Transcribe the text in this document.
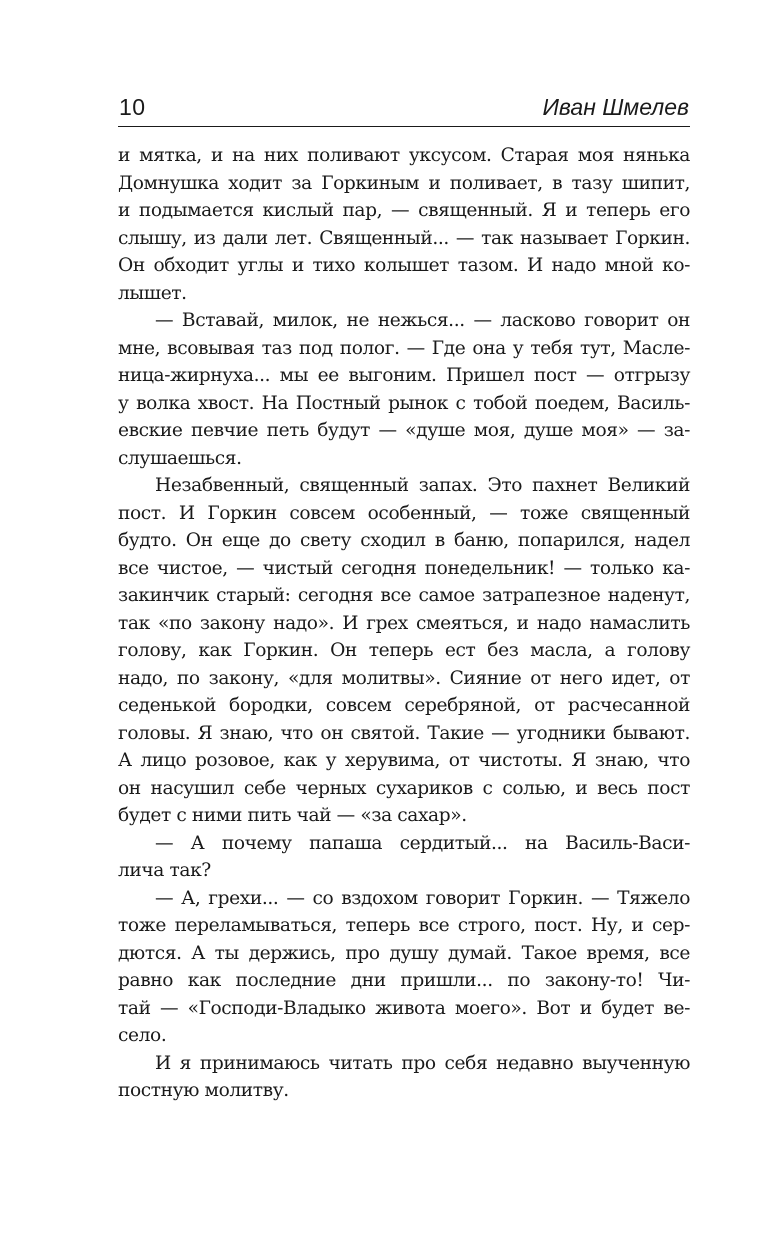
10	Иван Шмелев
и мятка, и на них поливают уксусом. Старая моя нянька
Домнушка ходит за Горкиным и поливает, в тазу шипит,
и подымается кислый пар, — священный. Я и теперь его
слышу, из дали лет. Священный... — так называет Горкин.
Он обходит углы и тихо колышет тазом. И надо мной ко-
лышет.
— Вставай, милок, не нежься... — ласково говорит он
мне, всовывая таз под полог. — Где она у тебя тут, Масле-
ница-жирнуха... мы ее выгоним. Пришел пост — отгрызу
у волка хвост. На Постный рынок с тобой поедем, Василь-
евские певчие петь будут — «душе моя, душе моя» — за-
слушаешься.
Незабвенный, священный запах. Это пахнет Великий
пост. И Горкин совсем особенный, — тоже священный
будто. Он еще до свету сходил в баню, попарился, надел
все чистое, — чистый сегодня понедельник! — только ка-
закинчик старый: сегодня все самое затрапезное наденут,
так «по закону надо». И грех смеяться, и надо намаслить
голову, как Горкин. Он теперь ест без масла, а голову
надо, по закону, «для молитвы». Сияние от него идет, от
седенькой бородки, совсем серебряной, от расчесанной
головы. Я знаю, что он святой. Такие — угодники бывают.
А лицо розовое, как у херувима, от чистоты. Я знаю, что
он насушил себе черных сухариков с солью, и весь пост
будет с ними пить чай — «за сахар».
— А почему папаша сердитый... на Василь-Васи-
лича так?
— А, грехи... — со вздохом говорит Горкин. — Тяжело
тоже переламываться, теперь все строго, пост. Ну, и сер-
дются. А ты держись, про душу думай. Такое время, все
равно как последние дни пришли... по закону-то! Чи-
тай — «Господи-Владыко живота моего». Вот и будет ве-
село.
И я принимаюсь читать про себя недавно выученную
постную молитву.
